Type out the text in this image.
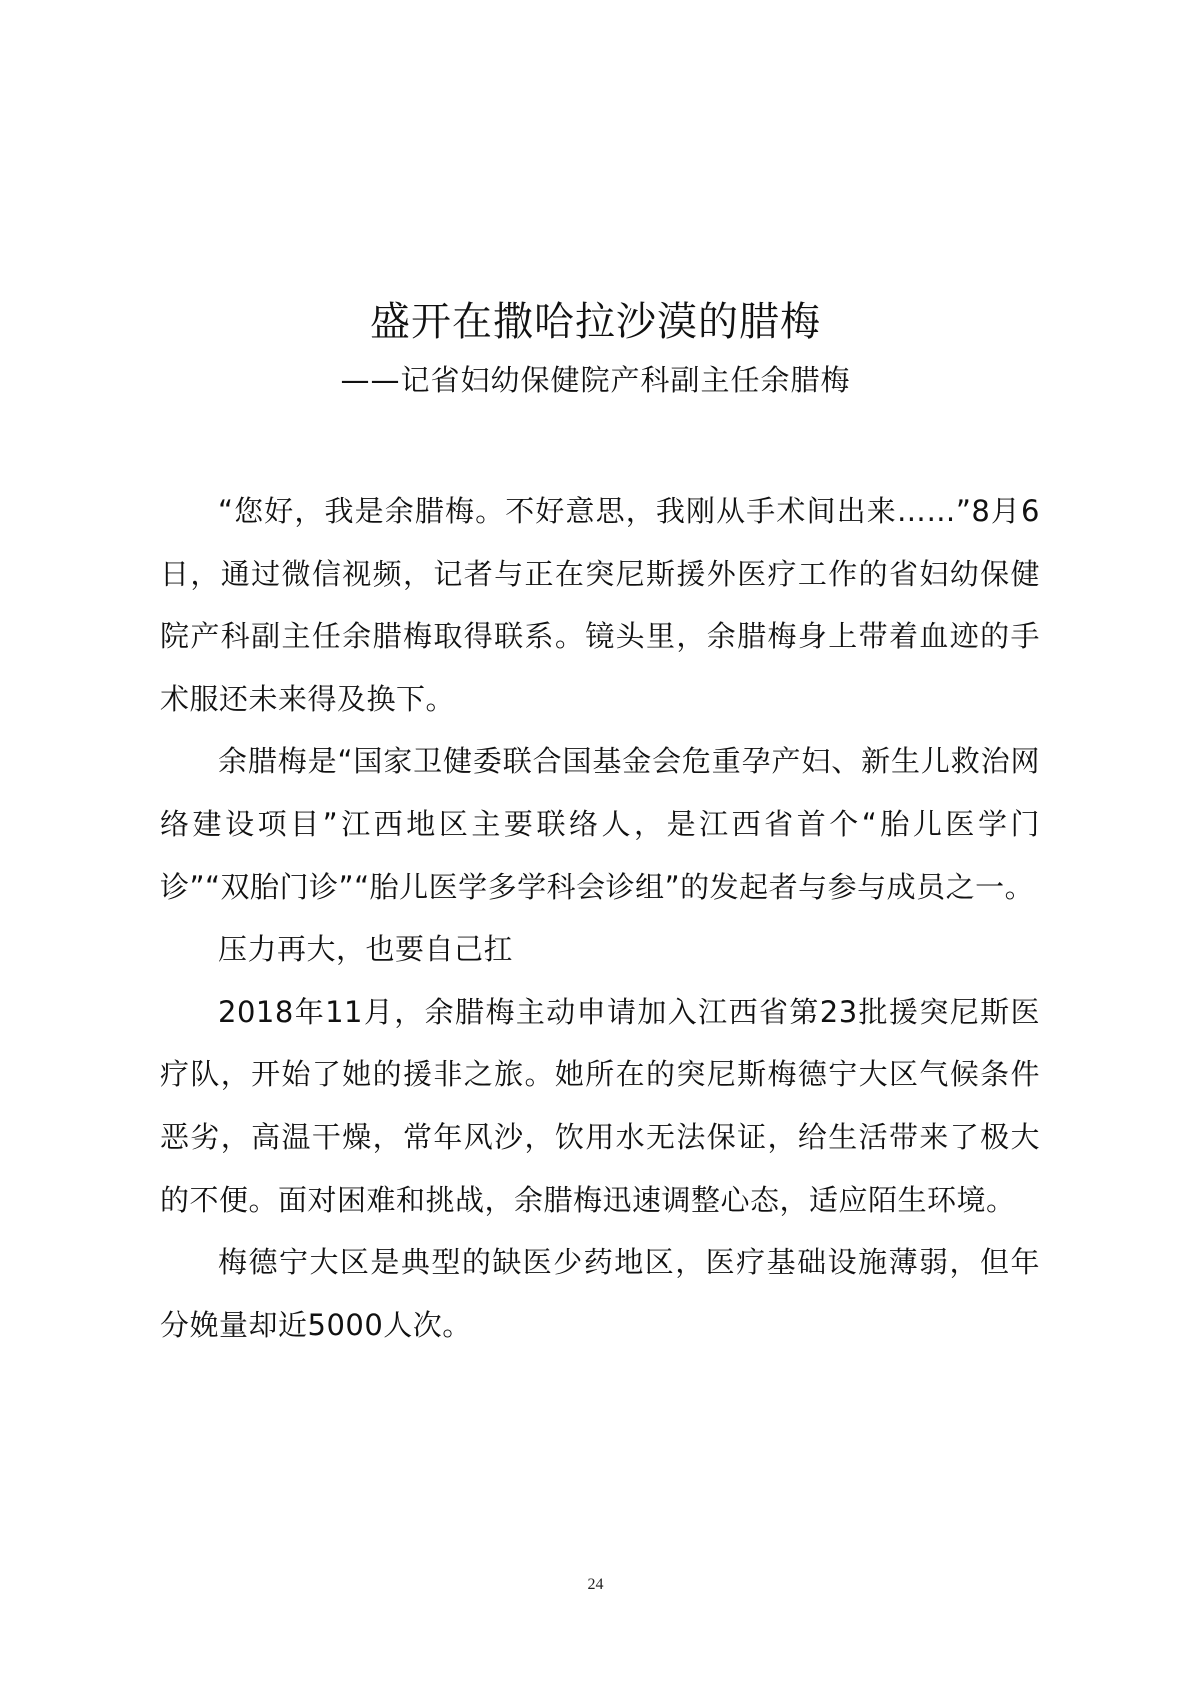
盛开在撒哈拉沙漠的腊梅
——记省妇幼保健院产科副主任余腊梅

“您好，我是余腊梅。不好意思，我刚从手术间出来……”8月6日，通过微信视频，记者与正在突尼斯援外医疗工作的省妇幼保健院产科副主任余腊梅取得联系。镜头里，余腊梅身上带着血迹的手术服还未来得及换下。

余腊梅是“国家卫健委联合国基金会危重孕产妇、新生儿救治网络建设项目”江西地区主要联络人，是江西省首个“胎儿医学门诊”“双胎门诊”“胎儿医学多学科会诊组”的发起者与参与成员之一。

压力再大，也要自己扛

2018年11月，余腊梅主动申请加入江西省第23批援突尼斯医疗队，开始了她的援非之旅。她所在的突尼斯梅德宁大区气候条件恶劣，高温干燥，常年风沙，饮用水无法保证，给生活带来了极大的不便。面对困难和挑战，余腊梅迅速调整心态，适应陌生环境。

梅德宁大区是典型的缺医少药地区，医疗基础设施薄弱，但年分娩量却近5000人次。

24
